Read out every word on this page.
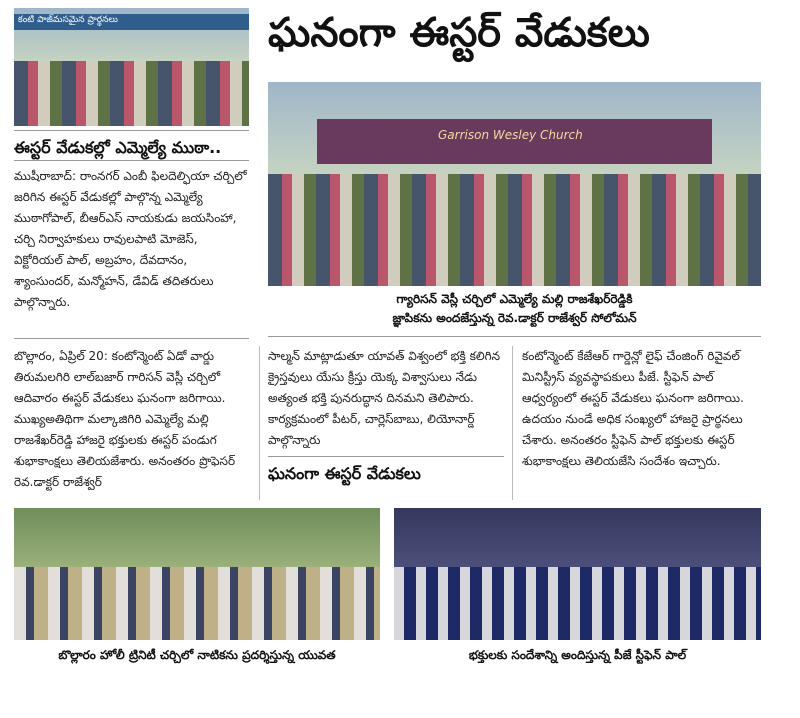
కంటి పాజ్‌మసమైన ప్రార్థనలు	ఘనంగా ఈస్టర్ వేడుకలు
ఈస్టర్ వేడుకల్లో ఎమ్మెల్యే ముఠా..
ముషీరాబాద్: రాంనగర్ ఎంబీ ఫిలదెల్ఫియా చర్చిలో జరిగిన ఈస్టర్ వేడుకల్లో పాల్గొన్న ఎమ్మెల్యే ముఠాగోపాల్, బీఆర్ఎస్ నాయకుడు జయసింహా, చర్చి నిర్వాహకులు రావులపాటి మోజెస్, విక్టోరియల్ పాల్, అబ్రహం, దేవదానం, శ్యాంసుందర్, మన్మోహన్, డేవిడ్ తదితరులు పాల్గొన్నారు.
Garrison Wesley Church
గ్యారిసన్ వెస్లీ చర్చిలో ఎమ్మెల్యే మల్లి రాజశేఖర్‌రెడ్డికి
జ్ఞాపికను అందజేస్తున్న రెవ.డాక్టర్ రాజేశ్వర్ సోలోమన్
బొల్లారం, ఏప్రిల్ 20: కంటోన్మెంట్ ఏడో వార్డు తిరుమలగిరి లాల్‌బజార్ గారిసన్ వెస్లీ చర్చిలో ఆదివారం ఈస్టర్ వేడుకలు ఘనంగా జరిగాయి. ముఖ్యఅతిథిగా మల్కాజిగిరి ఎమ్మెల్యే మల్లి రాజశేఖర్‌రెడ్డి హాజరై భక్తులకు ఈస్టర్ పండుగ శుభాకాంక్షలు తెలియజేశారు. అనంతరం ప్రొఫెసర్ రెవ.డాక్టర్ రాజేశ్వర్
సాల్మన్ మాట్లాడుతూ యావత్ విశ్వంలో భక్తి కలిగిన క్రైస్తవులు యేసు క్రీస్తు యెక్క విశ్వాసులు నేడు అత్యంత భక్తి పునరుద్ధాన దినమని తెలిపారు. కార్యక్రమంలో పీటర్, చార్లెస్‌బాబు, లియోనార్డ్ పాల్గొన్నారు
ఘనంగా ఈస్టర్ వేడుకలు
కంటోన్మెంట్ కేజేఆర్ గార్డెన్లో లైఫ్ చేంజింగ్ రివైవల్ మినిస్ట్రీస్ వ్యవస్థాపకులు పీజే. స్టీఫెన్ పాల్ ఆధ్వర్యంలో ఈస్టర్ వేడుకలు ఘనంగా జరిగాయి. ఉదయం నుండే అధిక సంఖ్యలో హాజరై ప్రార్థనలు చేశారు. అనంతరం స్టీఫెన్ పాల్ భక్తులకు ఈస్టర్ శుభాకాంక్షలు తెలియజేసి సందేశం ఇచ్చారు.
బొల్లారం హోలీ ట్రినిటీ చర్చిలో నాటికను ప్రదర్శిస్తున్న యువత	భక్తులకు సందేశాన్ని అందిస్తున్న పీజే స్టీఫెన్ పాల్
